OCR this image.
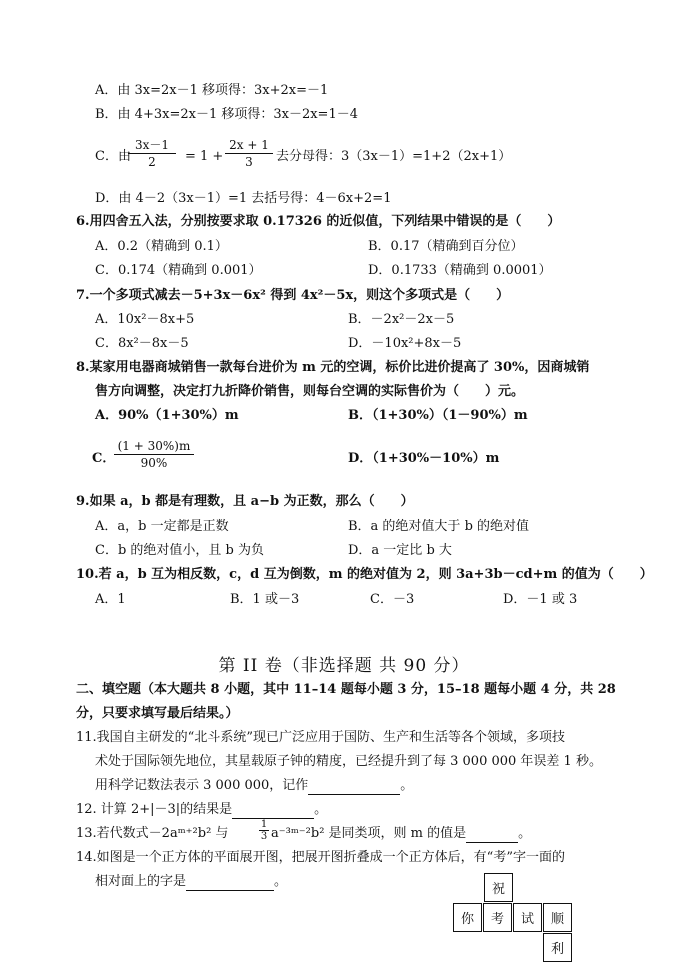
A．由 3x=2x－1 移项得：3x+2x=－1
B．由 4+3x=2x－1 移项得：3x－2x=1－4
C．由
$\frac{3x-1}{2} = 1 + \frac{2x + 1}{3}$ 去分母得：3（3x－1）=1+2（2x+1）
D．由 4－2（3x－1）=1 去括号得：4－6x+2=1
6.用四舍五入法，分别按要求取 0.17326 的近似值，下列结果中错误的是（　　）
A．0.2（精确到 0.1）	B．0.17（精确到百分位）
C．0.174（精确到 0.001）	D．0.1733（精确到 0.0001）
7.一个多项式减去－5+3x－6x² 得到 4x²－5x，则这个多项式是（　　）
A．10x²－8x+5	B．－2x²－2x－5
C．8x²－8x－5	D．－10x²+8x－5
8.某家用电器商城销售一款每台进价为 m 元的空调，标价比进价提高了 30%，因商城销
售方向调整，决定打九折降价销售，则每台空调的实际售价为（　　）元。
A．90%（1+30%）m	B．（1+30%）（1－90%）m
C．
$\frac{(1 + 30\%)m}{90\%}$	D．（1+30%－10%）m
9.如果 a，b 都是有理数，且 a−b 为正数，那么（　　）
A．a，b 一定都是正数	B．a 的绝对值大于 b 的绝对值
C．b 的绝对值小，且 b 为负	D．a 一定比 b 大
10.若 a，b 互为相反数，c，d 互为倒数，m 的绝对值为 2，则 3a+3b－cd+m 的值为（　　）
A．1	B．1 或－3	C．－3	D．－1 或 3
第 II 卷（非选择题 共 90 分）
二、填空题（本大题共 8 小题，其中 11–14 题每小题 3 分，15–18 题每小题 4 分，共 28
分，只要求填写最后结果。）
11.我国自主研发的“北斗系统”现已广泛应用于国防、生产和生活等各个领域，多项技
术处于国际领先地位，其星载原子钟的精度，已经提升到了每 3 000 000 年误差 1 秒。
用科学记数法表示 3 000 000，记作	。
12. 计算 2+|－3|的结果是	。
13.若代数式－2aᵐ⁺²b² 与	$\frac{1}{3}$ a⁻³ᵐ⁻²b² 是同类项，则 m 的值是	。
14.如图是一个正方体的平面展开图，把展开图折叠成一个正方体后，有“考”字一面的
相对面上的字是	。
祝
你	考	试	顺
利
